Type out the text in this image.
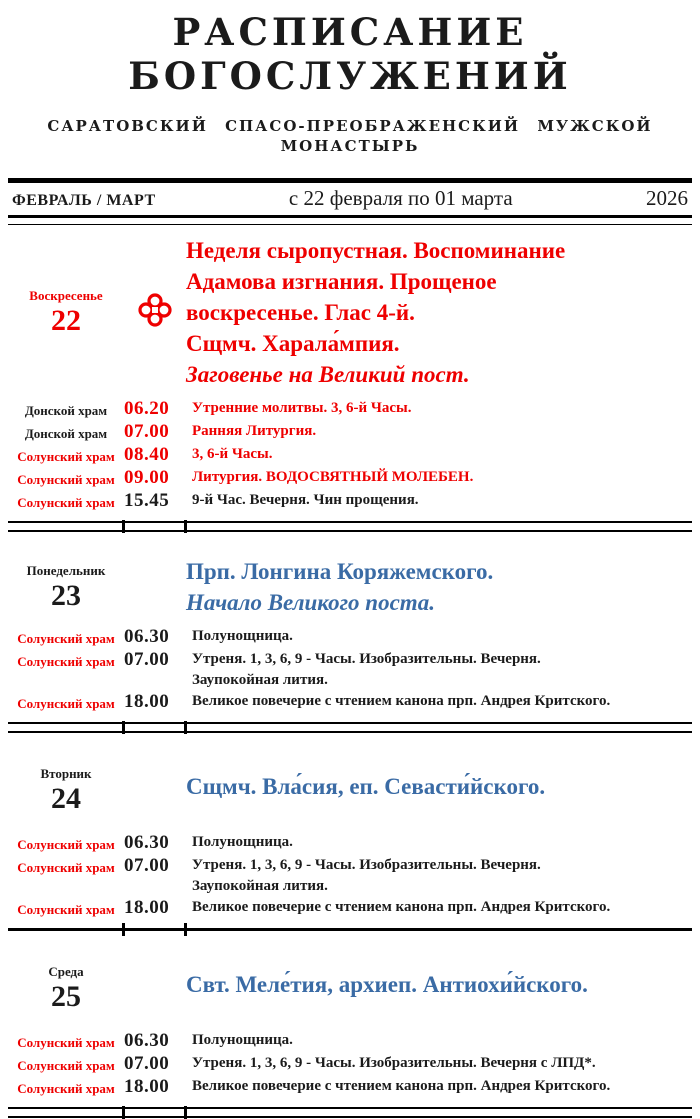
РАСПИСАНИЕ БОГОСЛУЖЕНИЙ
САРАТОВСКИЙ СПАСО-ПРЕОБРАЖЕНСКИЙ МУЖСКОЙ МОНАСТЫРЬ
ФЕВРАЛЬ / МАРТ	с 22 февраля по 01 марта	2026
Воскресенье
22
Неделя сыропустная. Воспоминание
Адамова изгнания. Прощеное
воскресенье. Глас 4-й.
Сщмч. Харала́мпия.
Заговенье на Великий пост.
Донской храм 06.20	Утренние молитвы. 3, 6-й Часы.
Донской храм 07.00	Ранняя Литургия.
Солунский храм 08.40	3, 6-й Часы.
Солунский храм 09.00	Литургия. ВОДОСВЯТНЫЙ МОЛЕБЕН.
Солунский храм 15.45	9-й Час. Вечерня. Чин прощения.
Понедельник
23
Прп. Лонгина Коряжемского.
Начало Великого поста.
Солунский храм 06.30	Полунощница.
Солунский храм 07.00	Утреня. 1, 3, 6, 9 - Часы. Изобразительны. Вечерня.
Заупокойная лития.
Солунский храм 18.00	Великое повечерие с чтением канона прп. Андрея Критского.
Вторник
24	Сщмч. Вла́сия, еп. Севасти́йского.
Солунский храм 06.30	Полунощница.
Солунский храм 07.00	Утреня. 1, 3, 6, 9 - Часы. Изобразительны. Вечерня.
Заупокойная лития.
Солунский храм 18.00	Великое повечерие с чтением канона прп. Андрея Критского.
Среда
25	Свт. Меле́тия, архиеп. Антиохи́йского.
Солунский храм 06.30	Полунощница.
Солунский храм 07.00	Утреня. 1, 3, 6, 9 - Часы. Изобразительны. Вечерня с ЛПД*.
Солунский храм 18.00	Великое повечерие с чтением канона прп. Андрея Критского.
